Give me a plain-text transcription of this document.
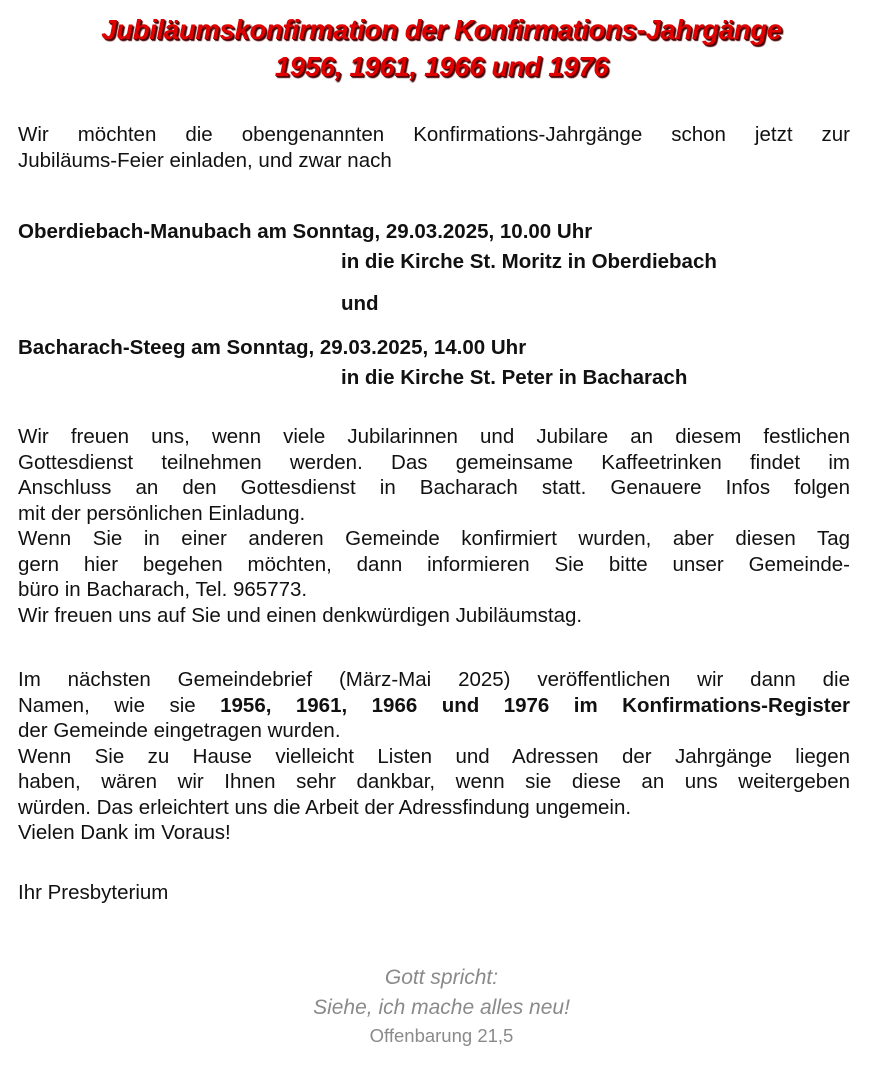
Jubiläumskonfirmation der Konfirmations-Jahrgänge
1956, 1961, 1966 und 1976

Wir möchten die obengenannten Konfirmations-Jahrgänge schon jetzt zur
Jubiläums-Feier einladen, und zwar nach

Oberdiebach-Manubach am Sonntag, 29.03.2025, 10.00 Uhr
in die Kirche St. Moritz in Oberdiebach
und
Bacharach-Steeg am Sonntag, 29.03.2025, 14.00 Uhr
in die Kirche St. Peter in Bacharach

Wir freuen uns, wenn viele Jubilarinnen und Jubilare an diesem festlichen
Gottesdienst teilnehmen werden. Das gemeinsame Kaffeetrinken findet im
Anschluss an den Gottesdienst in Bacharach statt. Genauere Infos folgen
mit der persönlichen Einladung.
Wenn Sie in einer anderen Gemeinde konfirmiert wurden, aber diesen Tag
gern hier begehen möchten, dann informieren Sie bitte unser Gemeinde-
büro in Bacharach, Tel. 965773.
Wir freuen uns auf Sie und einen denkwürdigen Jubiläumstag.

Im nächsten Gemeindebrief (März-Mai 2025) veröffentlichen wir dann die
Namen, wie sie 1956, 1961, 1966 und 1976 im Konfirmations-Register
der Gemeinde eingetragen wurden.
Wenn Sie zu Hause vielleicht Listen und Adressen der Jahrgänge liegen
haben, wären wir Ihnen sehr dankbar, wenn sie diese an uns weitergeben
würden. Das erleichtert uns die Arbeit der Adressfindung ungemein.
Vielen Dank im Voraus!

Ihr Presbyterium
Gott spricht:
Siehe, ich mache alles neu!
Offenbarung 21,5
